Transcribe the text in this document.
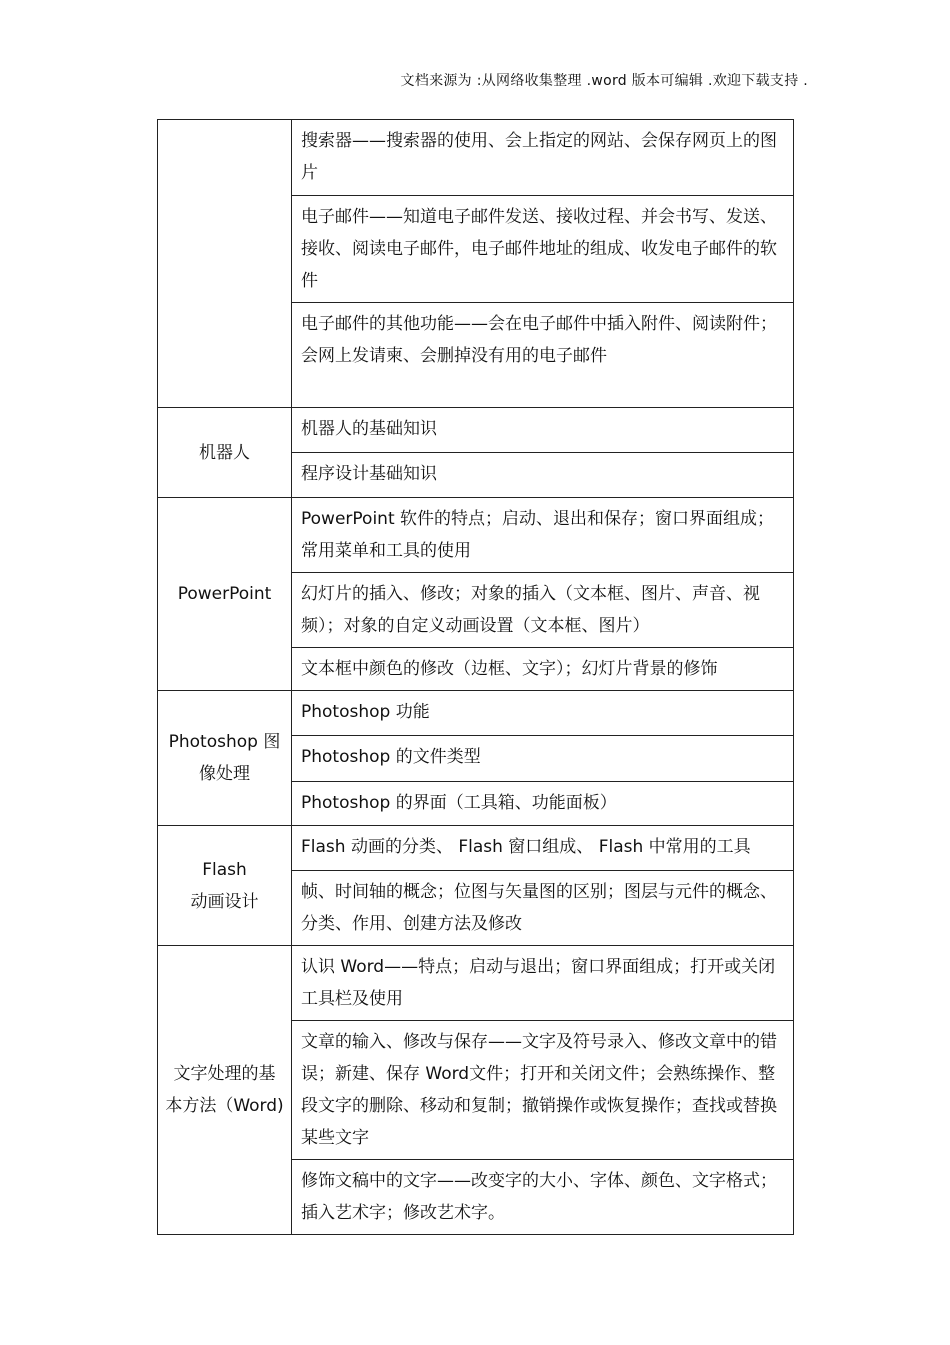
文档来源为 :从网络收集整理 .word 版本可编辑 .欢迎下载支持 .
	搜索器——搜索器的使用、会上指定的网站、会保存网页上的图片
	电子邮件——知道电子邮件发送、接收过程、并会书写、发送、接收、阅读电子邮件，电子邮件地址的组成、收发电子邮件的软件
	电子邮件的其他功能——会在电子邮件中插入附件、阅读附件；会网上发请柬、会删掉没有用的电子邮件

机器人	机器人的基础知识
	程序设计基础知识

PowerPoint	PowerPoint 软件的特点；启动、退出和保存；窗口界面组成；常用菜单和工具的使用
	幻灯片的插入、修改；对象的插入（文本框、图片、声音、视频）；对象的自定义动画设置（文本框、图片）
	文本框中颜色的修改（边框、文字）；幻灯片背景的修饰

Photoshop 图
像处理	Photoshop 功能
	Photoshop 的文件类型
	Photoshop 的界面（工具箱、功能面板）

Flash
动画设计	Flash 动画的分类、 Flash 窗口组成、 Flash 中常用的工具
	帧、时间轴的概念；位图与矢量图的区别；图层与元件的概念、分类、作用、创建方法及修改

文字处理的基
本方法（Word)	认识 Word——特点；启动与退出；窗口界面组成；打开或关闭工具栏及使用
	文章的输入、修改与保存——文字及符号录入、修改文章中的错误；新建、保存 Word文件；打开和关闭文件；会熟练操作、整段文字的删除、移动和复制；撤销操作或恢复操作；查找或替换某些文字
	修饰文稿中的文字——改变字的大小、字体、颜色、文字格式；插入艺术字；修改艺术字。
